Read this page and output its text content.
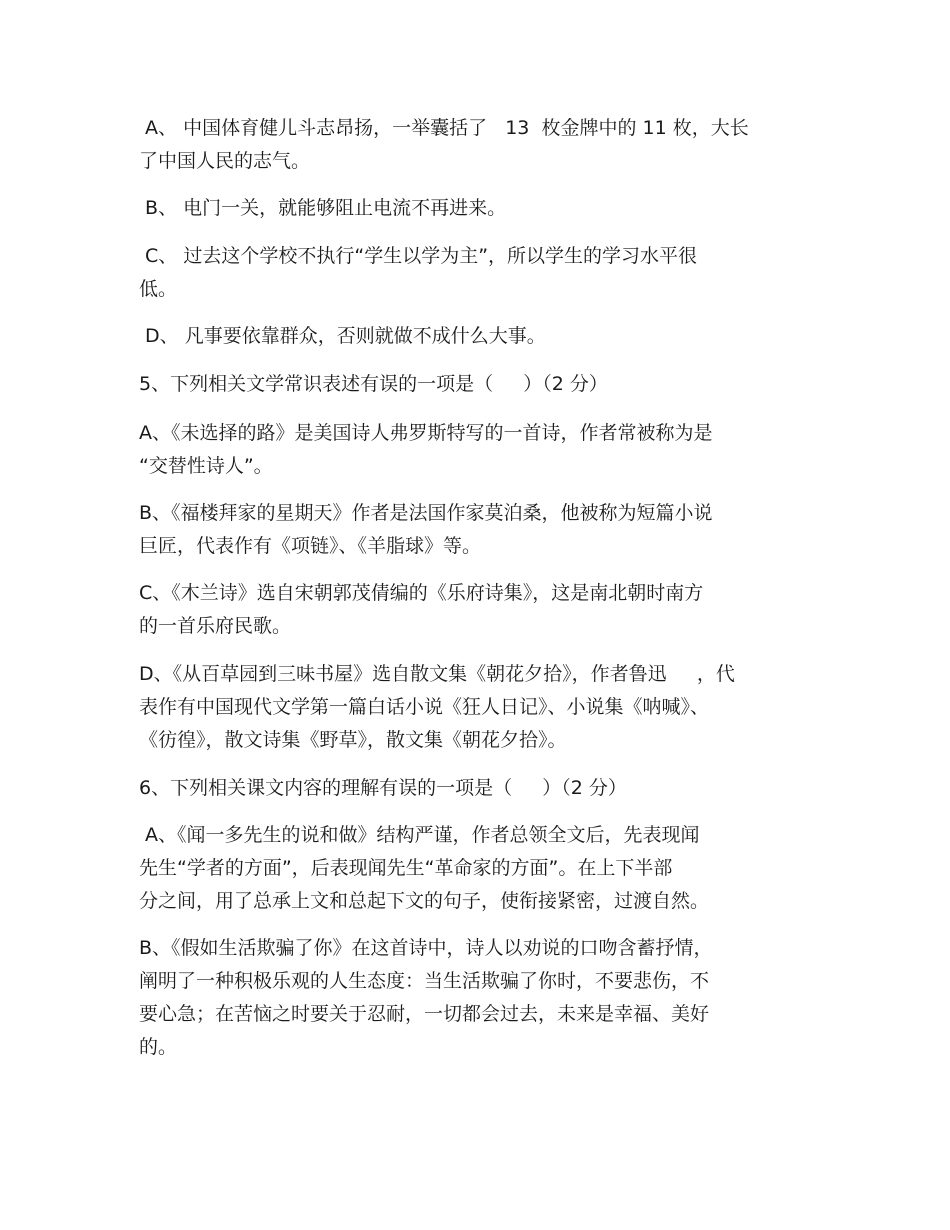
A、 中国体育健儿斗志昂扬，一举囊括了   13  枚金牌中的 11 枚，大长
了中国人民的志气。
B、 电门一关，就能够阻止电流不再进来。
C、 过去这个学校不执行“学生以学为主”，所以学生的学习水平很
低。
D、 凡事要依靠群众，否则就做不成什么大事。
5、下列相关文学常识表述有误的一项是（     ）（2 分）
A、《未选择的路》是美国诗人弗罗斯特写的一首诗，作者常被称为是
“交替性诗人”。
B、《福楼拜家的星期天》作者是法国作家莫泊桑，他被称为短篇小说
巨匠，代表作有《项链》、《羊脂球》等。
C、《木兰诗》选自宋朝郭茂倩编的《乐府诗集》，这是南北朝时南方
的一首乐府民歌。
D、《从百草园到三味书屋》选自散文集《朝花夕拾》，作者鲁迅     ，代
表作有中国现代文学第一篇白话小说《狂人日记》、小说集《呐喊》、
《彷徨》，散文诗集《野草》，散文集《朝花夕拾》。
6、下列相关课文内容的理解有误的一项是（     ）（2 分）
A、《闻一多先生的说和做》结构严谨，作者总领全文后，先表现闻
先生“学者的方面”，后表现闻先生“革命家的方面”。在上下半部
分之间，用了总承上文和总起下文的句子，使衔接紧密，过渡自然。
B、《假如生活欺骗了你》在这首诗中，诗人以劝说的口吻含蓄抒情，
阐明了一种积极乐观的人生态度：当生活欺骗了你时，不要悲伤，不
要心急；在苦恼之时要关于忍耐，一切都会过去，未来是幸福、美好
的。
